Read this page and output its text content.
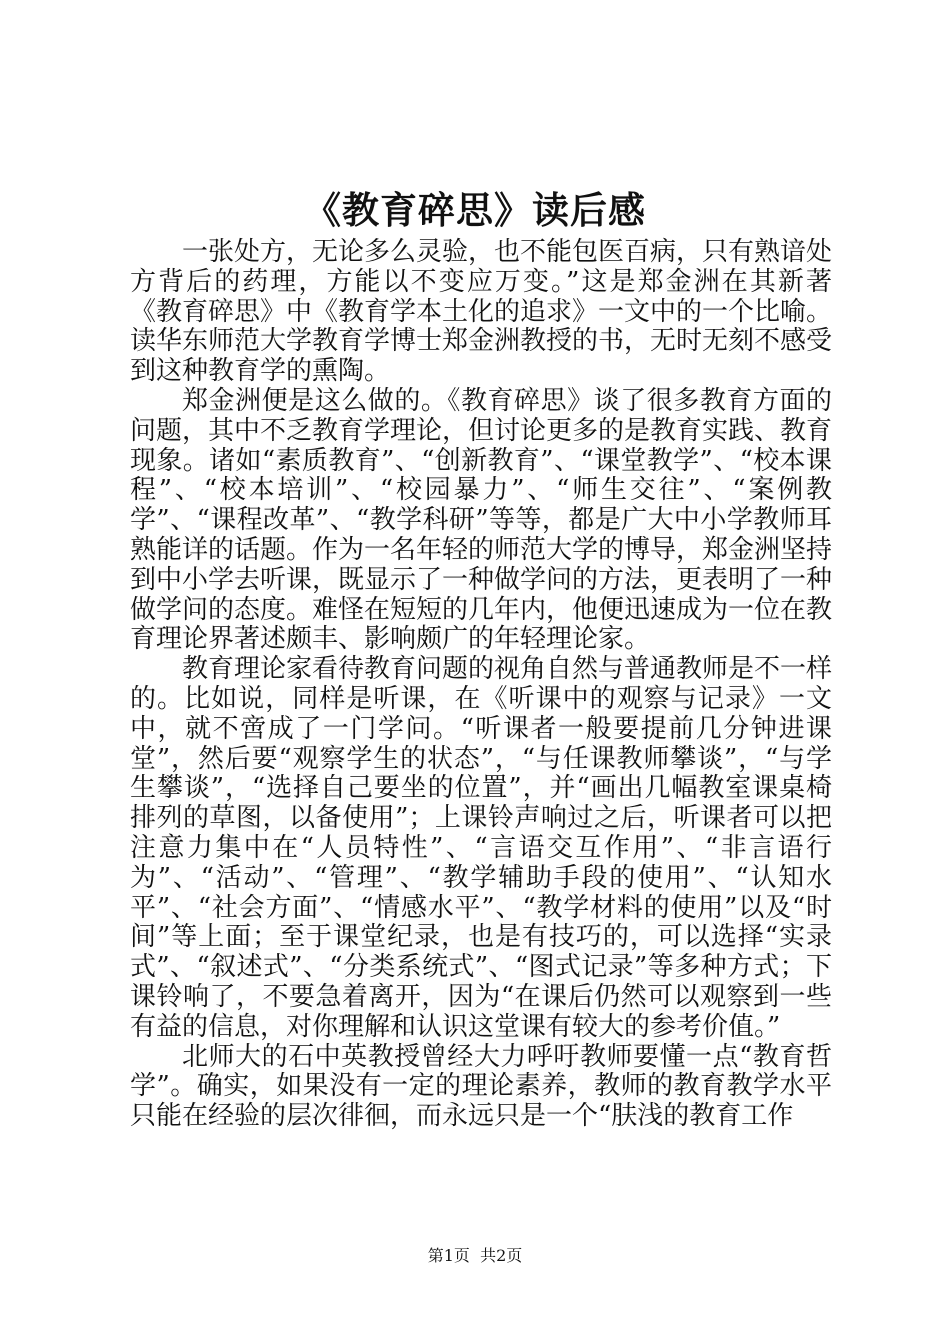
《教育碎思》读后感

一张处方，无论多么灵验，也不能包医百病，只有熟谙处方背后的药理，方能以不变应万变。”这是郑金洲在其新著《教育碎思》中《教育学本土化的追求》一文中的一个比喻。读华东师范大学教育学博士郑金洲教授的书，无时无刻不感受到这种教育学的熏陶。

郑金洲便是这么做的。《教育碎思》谈了很多教育方面的问题，其中不乏教育学理论，但讨论更多的是教育实践、教育现象。诸如“素质教育”、“创新教育”、“课堂教学”、“校本课程”、“校本培训”、“校园暴力”、“师生交往”、“案例教学”、“课程改革”、“教学科研”等等，都是广大中小学教师耳熟能详的话题。作为一名年轻的师范大学的博导，郑金洲坚持到中小学去听课，既显示了一种做学问的方法，更表明了一种做学问的态度。难怪在短短的几年内，他便迅速成为一位在教育理论界著述颇丰、影响颇广的年轻理论家。

教育理论家看待教育问题的视角自然与普通教师是不一样的。比如说，同样是听课，在《听课中的观察与记录》一文中，就不啻成了一门学问。“听课者一般要提前几分钟进课堂”，然后要“观察学生的状态”，“与任课教师攀谈”，“与学生攀谈”，“选择自己要坐的位置”，并“画出几幅教室课桌椅排列的草图，以备使用”；上课铃声响过之后，听课者可以把注意力集中在“人员特性”、“言语交互作用”、“非言语行为”、“活动”、“管理”、“教学辅助手段的使用”、“认知水平”、“社会方面”、“情感水平”、“教学材料的使用”以及“时间”等上面；至于课堂纪录，也是有技巧的，可以选择“实录式”、“叙述式”、“分类系统式”、“图式记录”等多种方式；下课铃响了，不要急着离开，因为“在课后仍然可以观察到一些有益的信息，对你理解和认识这堂课有较大的参考价值。”

北师大的石中英教授曾经大力呼吁教师要懂一点“教育哲学”。确实，如果没有一定的理论素养，教师的教育教学水平只能在经验的层次徘徊，而永远只是一个“肤浅的教育工作

第1页 共2页
